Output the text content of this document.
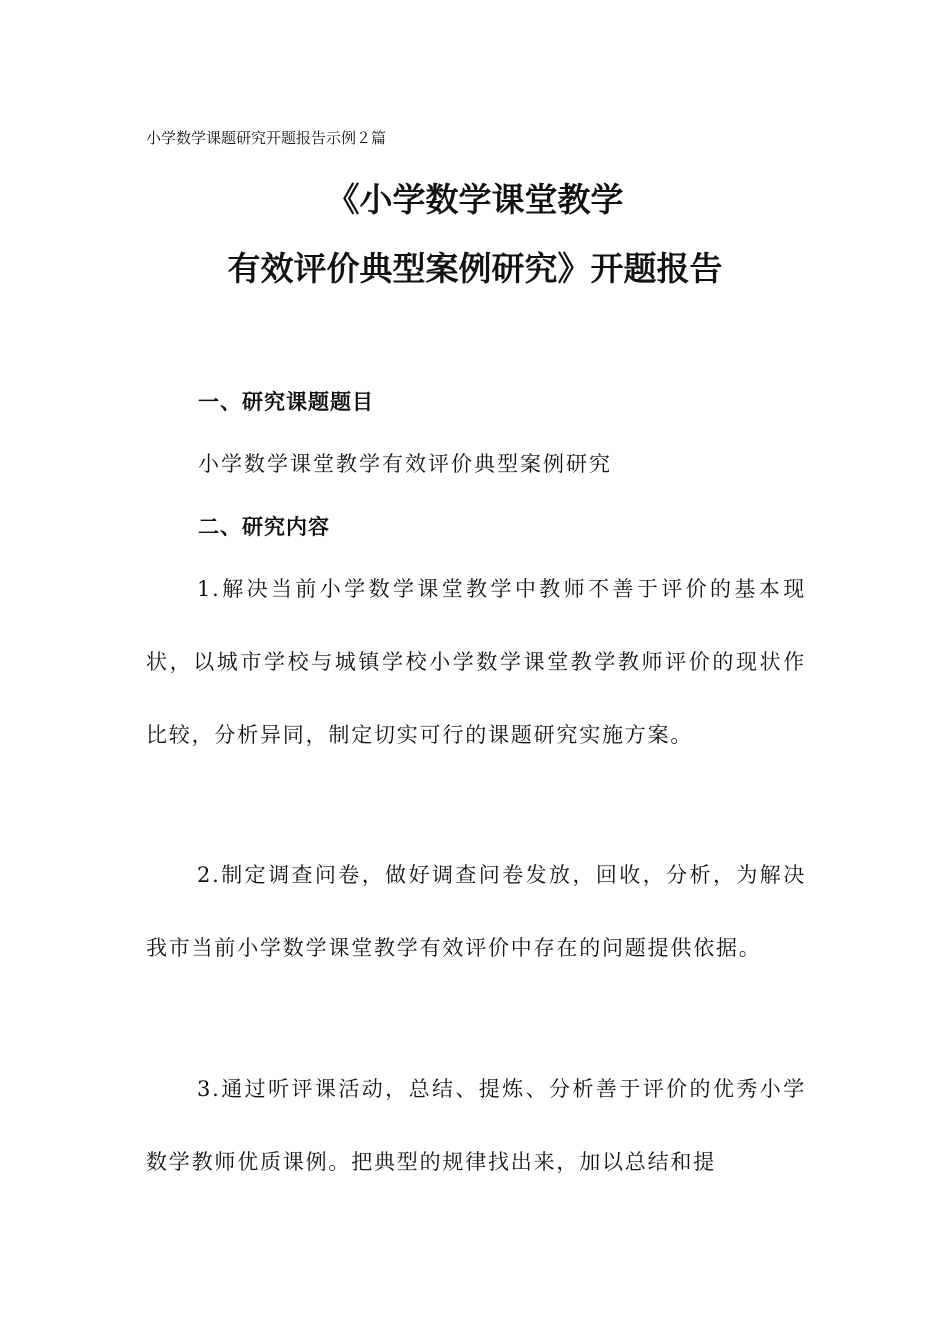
小学数学课题研究开题报告示例２篇
《小学数学课堂教学
有效评价典型案例研究》开题报告
一、研究课题题目
小学数学课堂教学有效评价典型案例研究
二、研究内容

1.解决当前小学数学课堂教学中教师不善于评价的基本现状，以城市学校与城镇学校小学数学课堂教学教师评价的现状作比较，分析异同，制定切实可行的课题研究实施方案。

2.制定调查问卷，做好调查问卷发放，回收，分析，为解决我市当前小学数学课堂教学有效评价中存在的问题提供依据。

3.通过听评课活动，总结、提炼、分析善于评价的优秀小学数学教师优质课例。把典型的规律找出来，加以总结和提
